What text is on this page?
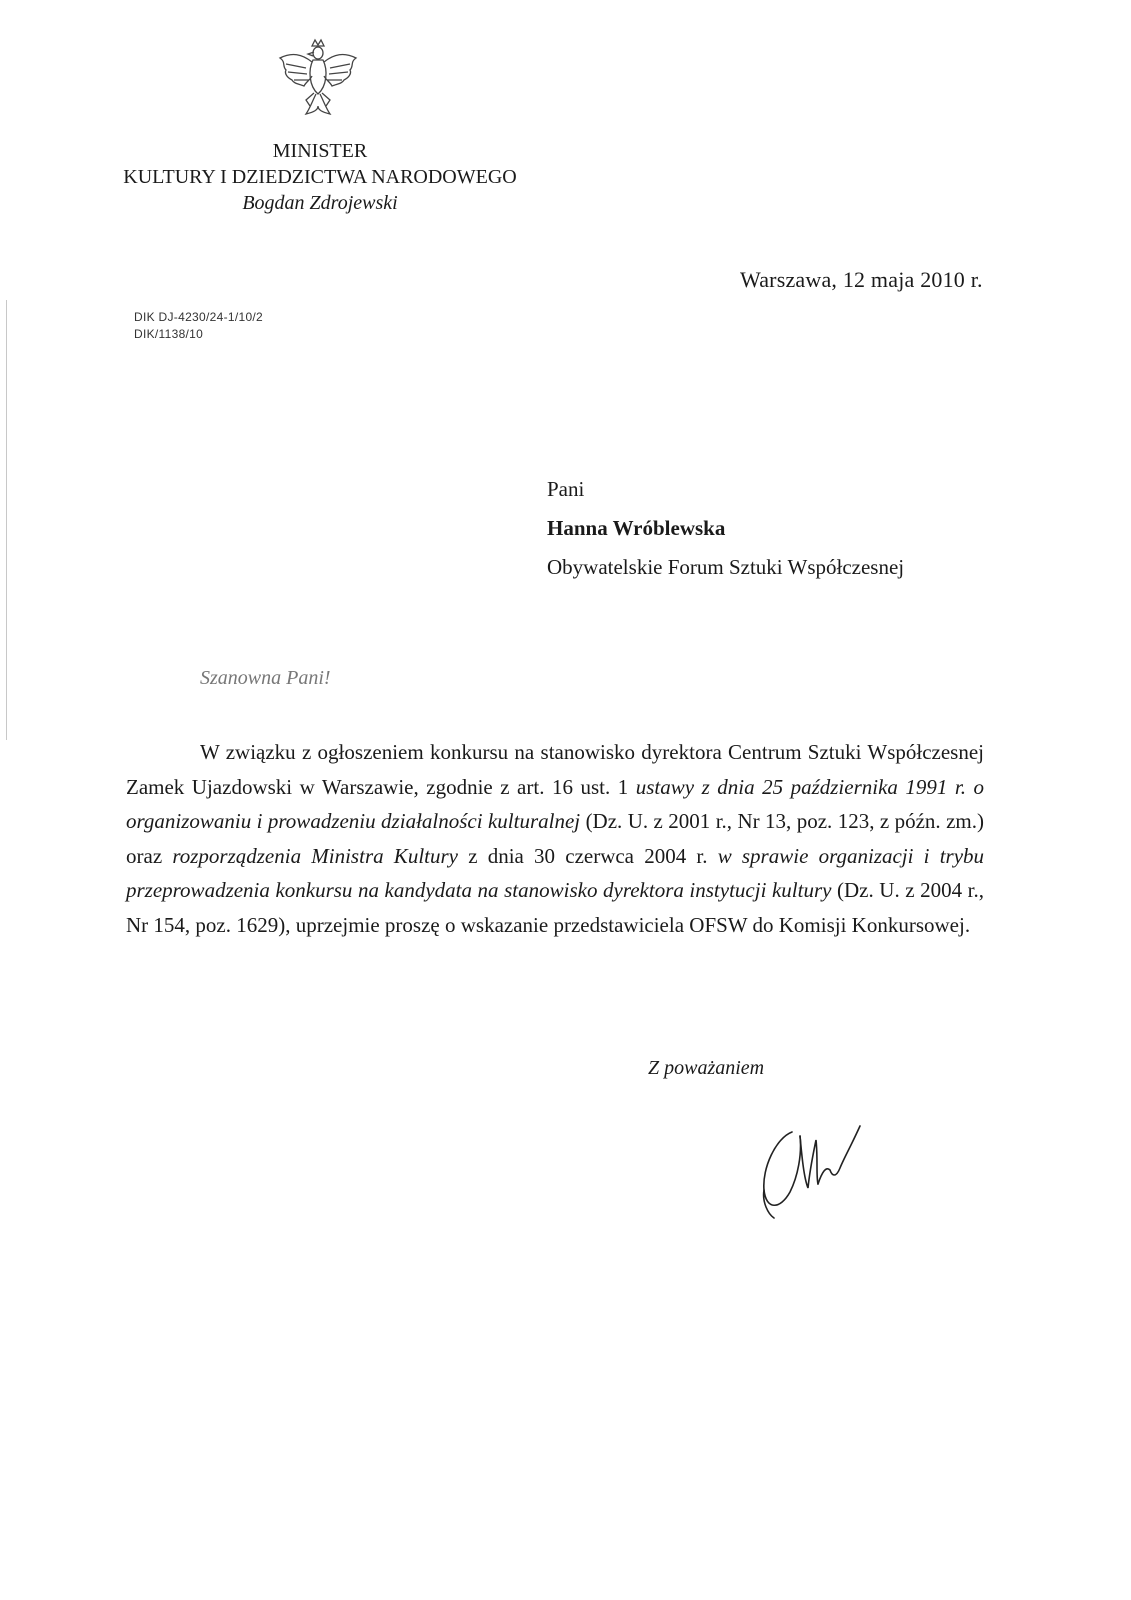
MINISTER
KULTURY I DZIEDZICTWA NARODOWEGO
Bogdan Zdrojewski
Warszawa, 12 maja 2010 r.
DIK DJ-4230/24-1/10/2
DIK/1138/10
Pani
Hanna Wróblewska
Obywatelskie Forum Sztuki Współczesnej
Szanowna Pani!
W związku z ogłoszeniem konkursu na stanowisko dyrektora Centrum Sztuki Współczesnej Zamek Ujazdowski w Warszawie, zgodnie z art. 16 ust. 1 ustawy z dnia 25 października 1991 r. o organizowaniu i prowadzeniu działalności kulturalnej (Dz. U. z 2001 r., Nr 13, poz. 123, z późn. zm.) oraz rozporządzenia Ministra Kultury z dnia 30 czerwca 2004 r. w sprawie organizacji i trybu przeprowadzenia konkursu na kandydata na stanowisko dyrektora instytucji kultury (Dz. U. z 2004 r., Nr 154, poz. 1629), uprzejmie proszę o wskazanie przedstawiciela OFSW do Komisji Konkursowej.
Z poważaniem
